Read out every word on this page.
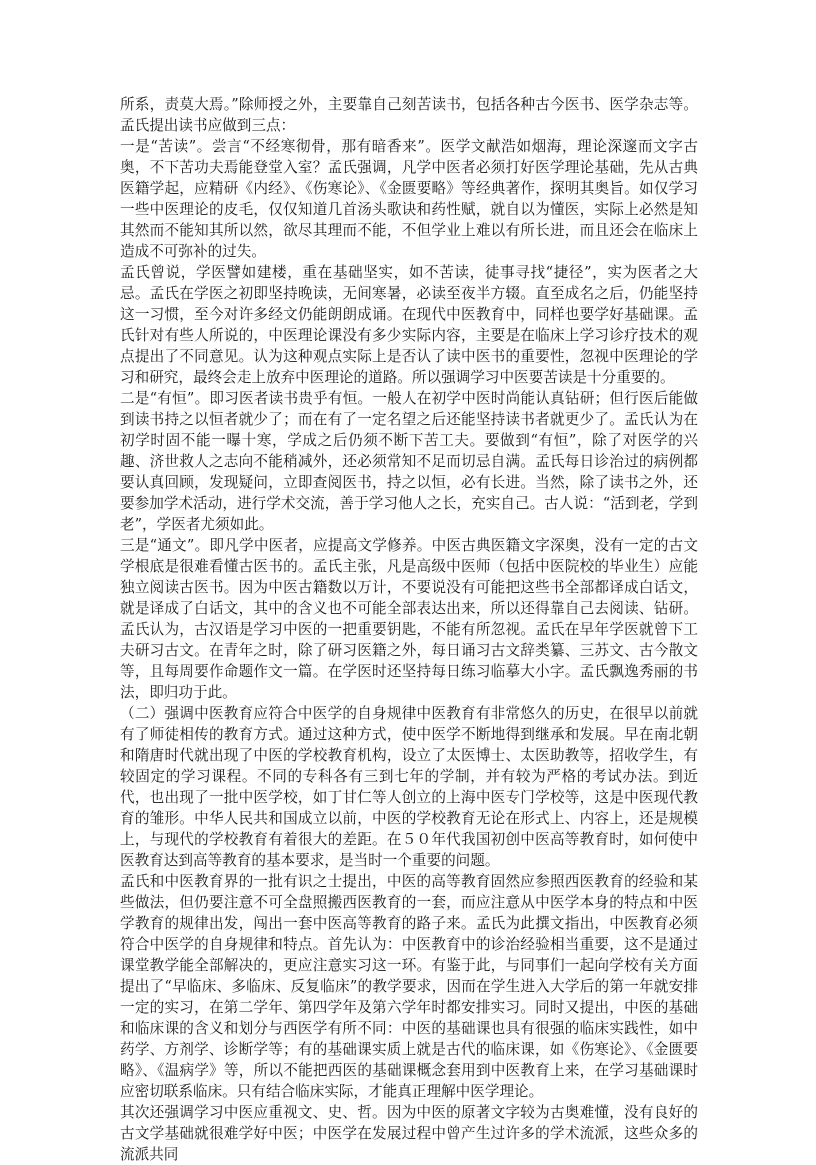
所系，责莫大焉。”除师授之外，主要靠自己刻苦读书，包括各种古今医书、医学杂志等。孟氏提出读书应做到三点：

一是“苦读”。尝言“不经寒彻骨，那有暗香来”。医学文献浩如烟海，理论深邃而文字古奥，不下苦功夫焉能登堂入室？孟氏强调，凡学中医者必须打好医学理论基础，先从古典医籍学起，应精研《内经》、《伤寒论》、《金匮要略》等经典著作，探明其奥旨。如仅学习一些中医理论的皮毛，仅仅知道几首汤头歌诀和药性赋，就自以为懂医，实际上必然是知其然而不能知其所以然，欲尽其理而不能，不但学业上难以有所长进，而且还会在临床上造成不可弥补的过失。

孟氏曾说，学医譬如建楼，重在基础坚实，如不苦读，徒事寻找“捷径”，实为医者之大忌。孟氏在学医之初即坚持晚读，无间寒暑，必读至夜半方辍。直至成名之后，仍能坚持这一习惯，至今对许多经文仍能朗朗成诵。在现代中医教育中，同样也要学好基础课。孟氏针对有些人所说的，中医理论课没有多少实际内容，主要是在临床上学习诊疗技术的观点提出了不同意见。认为这种观点实际上是否认了读中医书的重要性，忽视中医理论的学习和研究，最终会走上放弃中医理论的道路。所以强调学习中医要苦读是十分重要的。

二是“有恒”。即习医者读书贵乎有恒。一般人在初学中医时尚能认真钻研；但行医后能做到读书持之以恒者就少了；而在有了一定名望之后还能坚持读书者就更少了。孟氏认为在初学时固不能一曝十寒，学成之后仍须不断下苦工夫。要做到“有恒”，除了对医学的兴趣、济世救人之志向不能稍减外，还必须常知不足而切忌自满。孟氏每日诊治过的病例都要认真回顾，发现疑问，立即查阅医书，持之以恒，必有长进。当然，除了读书之外，还要参加学术活动，进行学术交流，善于学习他人之长，充实自己。古人说：“活到老，学到老”，学医者尤须如此。

三是“通文”。即凡学中医者，应提高文学修养。中医古典医籍文字深奥，没有一定的古文学根底是很难看懂古医书的。孟氏主张，凡是高级中医师（包括中医院校的毕业生）应能独立阅读古医书。因为中医古籍数以万计，不要说没有可能把这些书全部都译成白话文，就是译成了白话文，其中的含义也不可能全部表达出来，所以还得靠自己去阅读、钻研。孟氏认为，古汉语是学习中医的一把重要钥匙，不能有所忽视。孟氏在早年学医就曾下工夫研习古文。在青年之时，除了研习医籍之外，每日诵习古文辞类纂、三苏文、古今散文等，且每周要作命题作文一篇。在学医时还坚持每日练习临摹大小字。孟氏飘逸秀丽的书法，即归功于此。

（二）强调中医教育应符合中医学的自身规律中医教育有非常悠久的历史，在很早以前就有了师徒相传的教育方式。通过这种方式，使中医学不断地得到继承和发展。早在南北朝和隋唐时代就出现了中医的学校教育机构，设立了太医博士、太医助教等，招收学生，有较固定的学习课程。不同的专科各有三到七年的学制，并有较为严格的考试办法。到近代，也出现了一批中医学校，如丁甘仁等人创立的上海中医专门学校等，这是中医现代教育的雏形。中华人民共和国成立以前，中医的学校教育无论在形式上、内容上，还是规模上，与现代的学校教育有着很大的差距。在５０年代我国初创中医高等教育时，如何使中医教育达到高等教育的基本要求，是当时一个重要的问题。

孟氏和中医教育界的一批有识之士提出，中医的高等教育固然应参照西医教育的经验和某些做法，但仍要注意不可全盘照搬西医教育的一套，而应注意从中医学本身的特点和中医学教育的规律出发，闯出一套中医高等教育的路子来。孟氏为此撰文指出，中医教育必须符合中医学的自身规律和特点。首先认为：中医教育中的诊治经验相当重要，这不是通过课堂教学能全部解决的，更应注意实习这一环。有鉴于此，与同事们一起向学校有关方面提出了“早临床、多临床、反复临床”的教学要求，因而在学生进入大学后的第一年就安排一定的实习，在第二学年、第四学年及第六学年时都安排实习。同时又提出，中医的基础和临床课的含义和划分与西医学有所不同：中医的基础课也具有很强的临床实践性，如中药学、方剂学、诊断学等；有的基础课实质上就是古代的临床课，如《伤寒论》、《金匮要略》、《温病学》等，所以不能把西医的基础课概念套用到中医教育上来，在学习基础课时应密切联系临床。只有结合临床实际，才能真正理解中医学理论。

其次还强调学习中医应重视文、史、哲。因为中医的原著文字较为古奥难懂，没有良好的古文学基础就很难学好中医；中医学在发展过程中曾产生过许多的学术流派，这些众多的流派共同
